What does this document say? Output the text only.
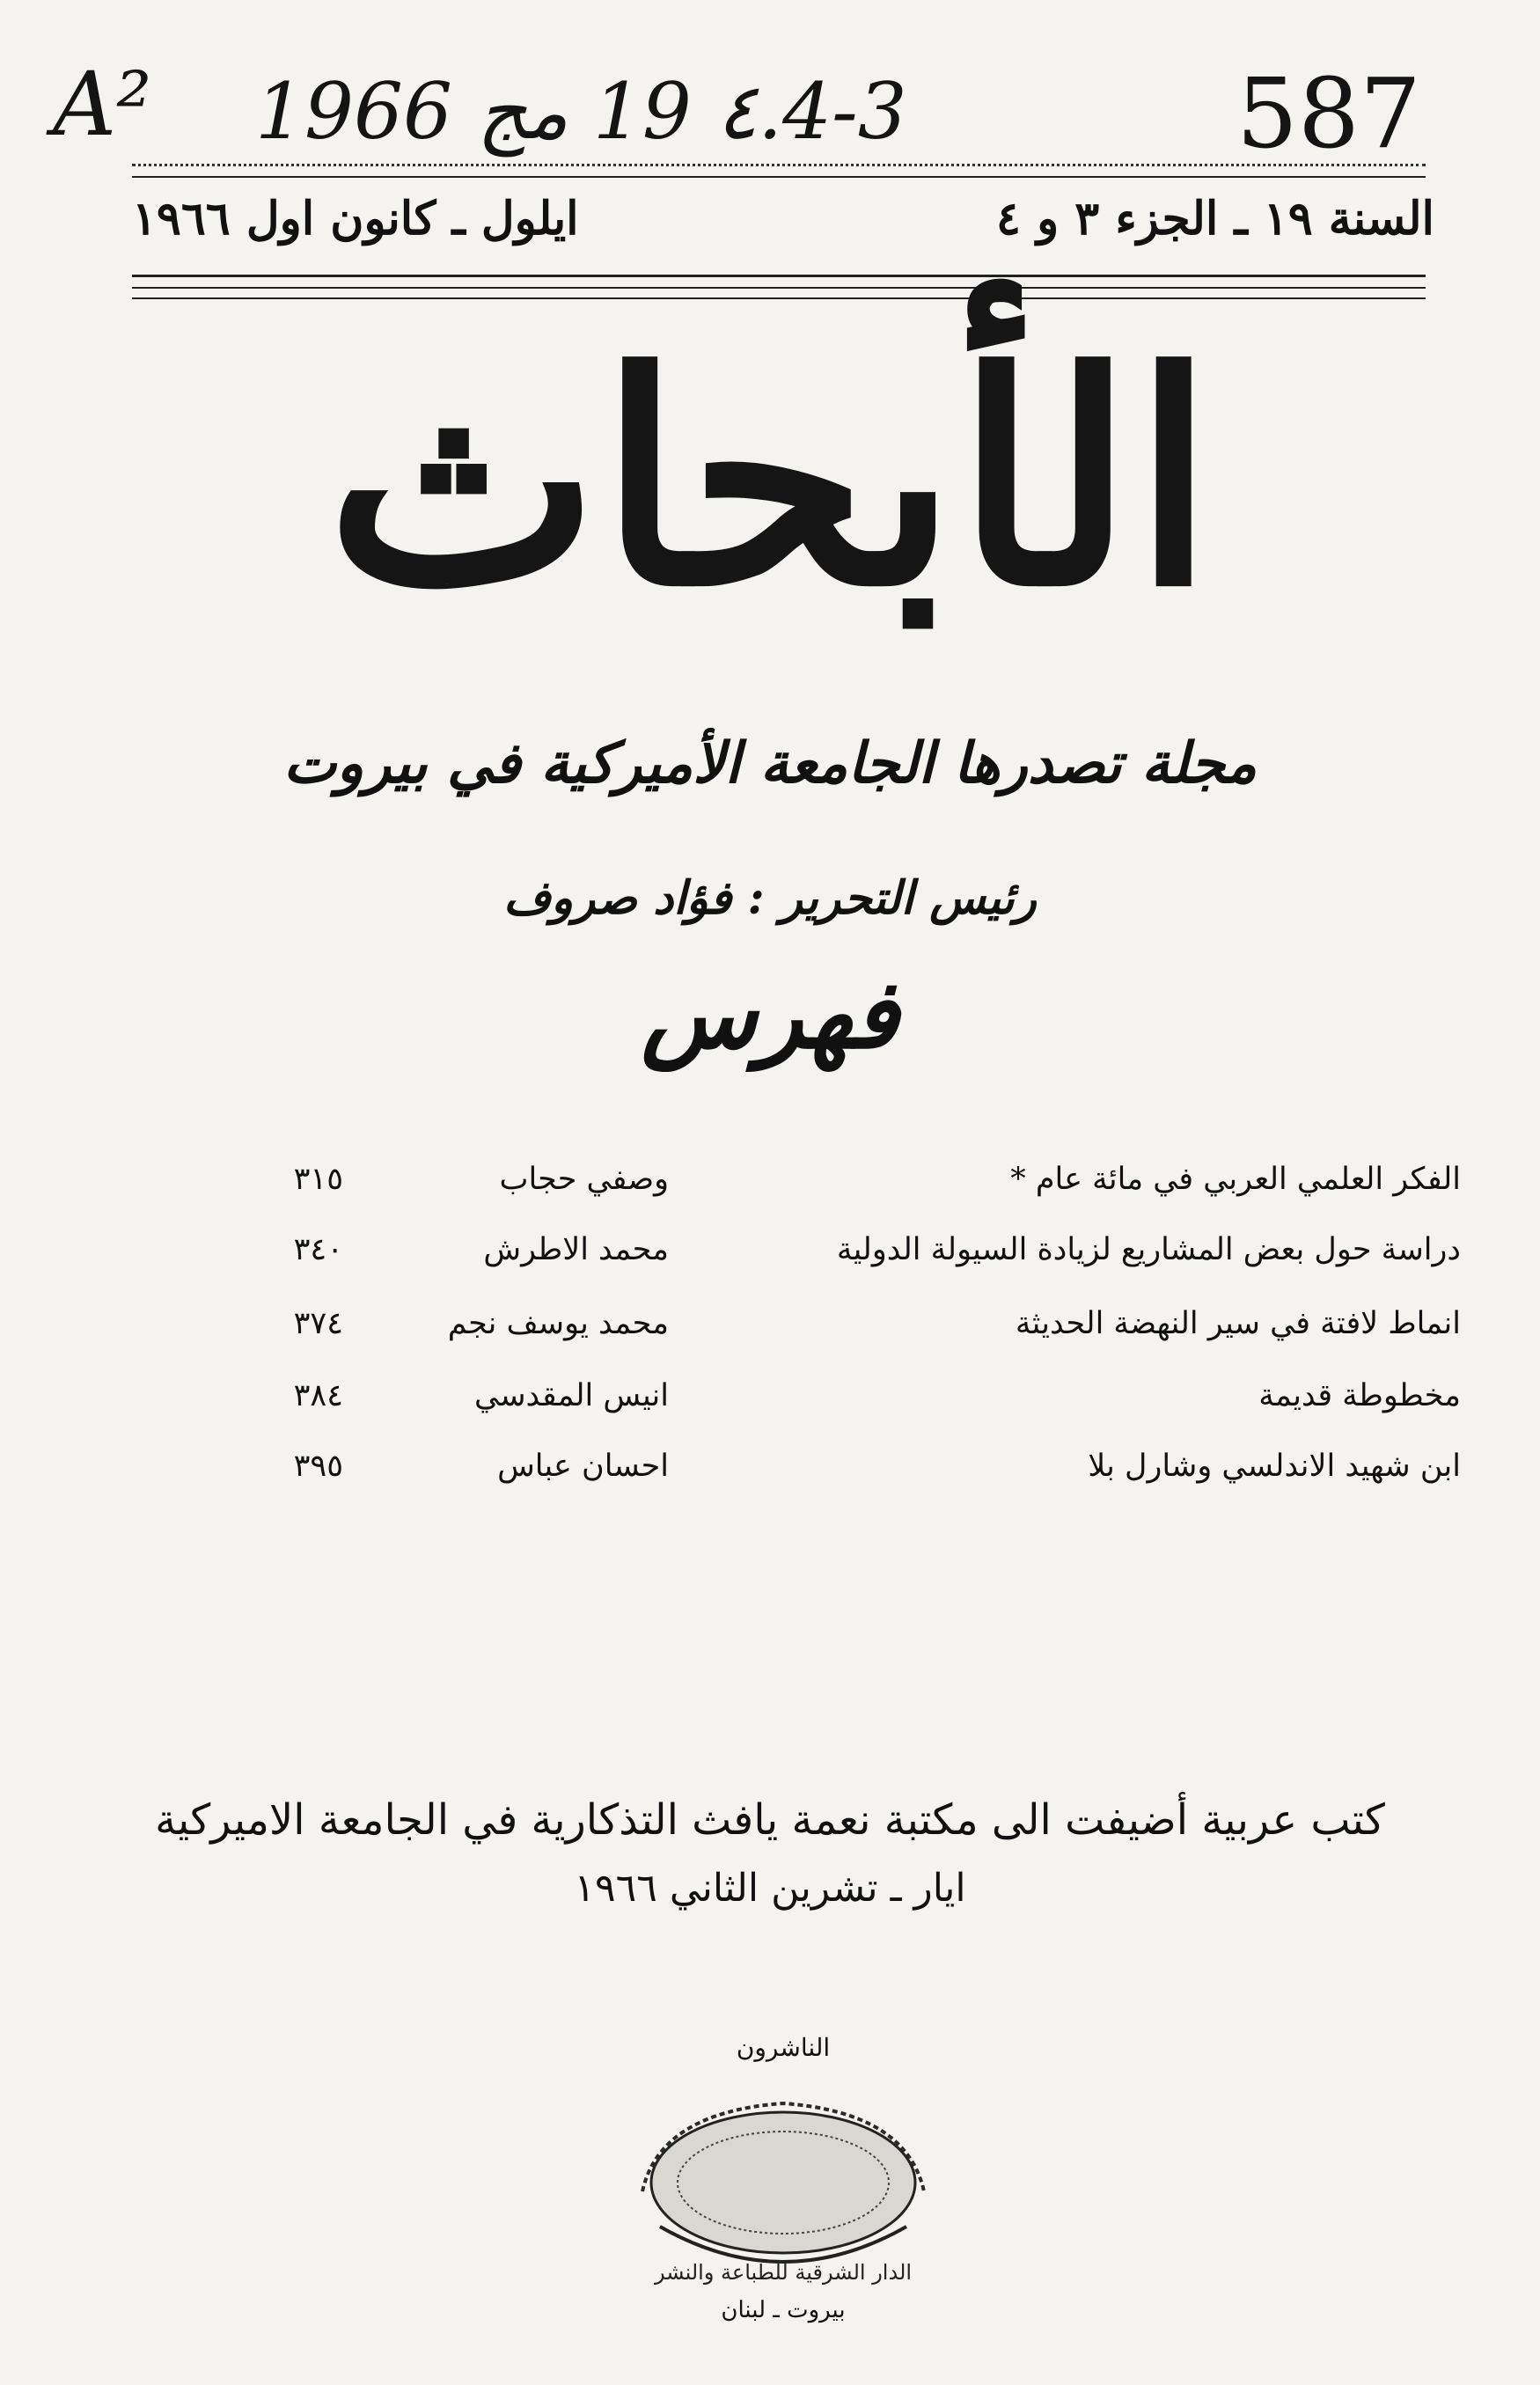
A² 4-3.٤ 19 مج 1966	587
السنة ١٩ ـ الجزء ٣ و ٤
ايلول ـ كانون اول ١٩٦٦
الأبحاث
مجلة تصدرها الجامعة الأميركية في بيروت
رئيس التحرير : فؤاد صروف
فهرس
الفكر العلمي العربي في مائة عام *
وصفي حجاب
٣١٥
دراسة حول بعض المشاريع لزيادة السيولة الدولية
محمد الاطرش
٣٤٠
انماط لافتة في سير النهضة الحديثة
محمد يوسف نجم
٣٧٤
مخطوطة قديمة
انيس المقدسي
٣٨٤
ابن شهيد الاندلسي وشارل بلا
احسان عباس
٣٩٥
كتب عربية أضيفت الى مكتبة نعمة يافث التذكارية في الجامعة الاميركية
ايار ـ تشرين الثاني ١٩٦٦
الناشرون
الدار الشرقية للطباعة والنشر
بيروت ـ لبنان
